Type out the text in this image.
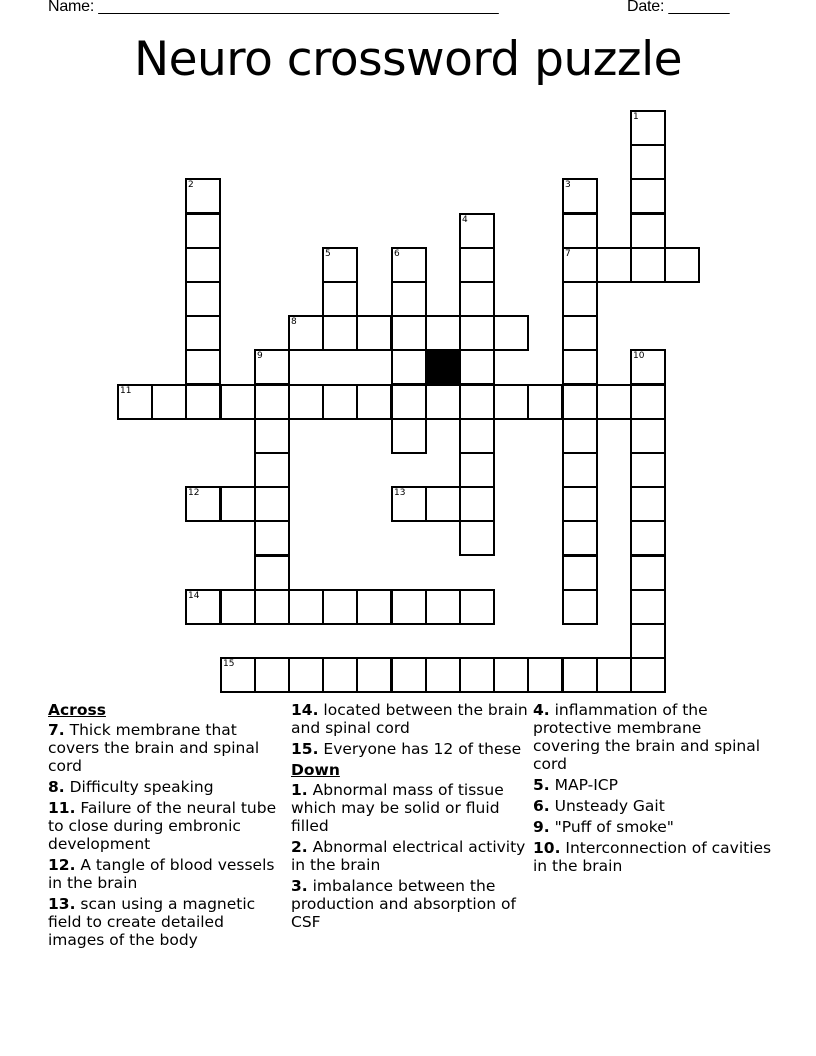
Name: ______________________________________________	Date: _______
Neuro crossword puzzle
1
2	3
7
4
5	6
8
9	10
11
12	13
14
15
Across
7. Thick membrane that covers the brain and spinal cord
8. Difficulty speaking
11. Failure of the neural tube to close during embronic development
12. A tangle of blood vessels in the brain
13. scan using a magnetic field to create detailed images of the body
14. located between the brain and spinal cord
15. Everyone has 12 of these
Down
1. Abnormal mass of tissue which may be solid or fluid filled
2. Abnormal electrical activity in the brain
3. imbalance between the production and absorption of CSF
4. inflammation of the protective membrane covering the brain and spinal cord
5. MAP-ICP
6. Unsteady Gait
9. "Puff of smoke"
10. Interconnection of cavities in the brain
